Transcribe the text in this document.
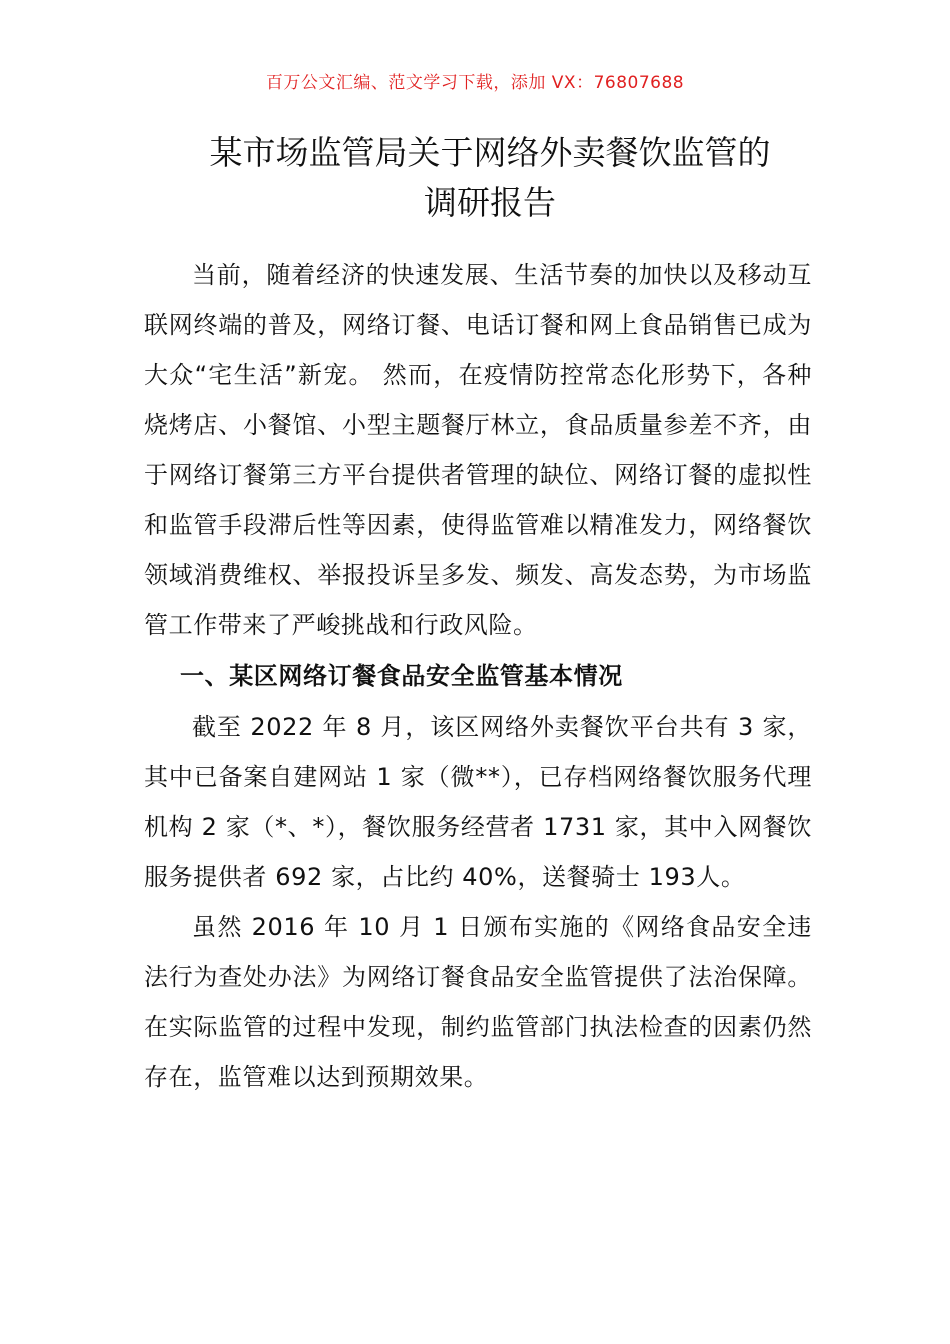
百万公文汇编、范文学习下载，添加 VX：76807688
某市场监管局关于网络外卖餐饮监管的
调研报告

当前，随着经济的快速发展、生活节奏的加快以及移动互联网终端的普及，网络订餐、电话订餐和网上食品销售已成为大众“宅生活”新宠。 然而，在疫情防控常态化形势下，各种烧烤店、小餐馆、小型主题餐厅林立，食品质量参差不齐，由于网络订餐第三方平台提供者管理的缺位、网络订餐的虚拟性和监管手段滞后性等因素，使得监管难以精准发力，网络餐饮领域消费维权、举报投诉呈多发、频发、高发态势，为市场监管工作带来了严峻挑战和行政风险。

一、某区网络订餐食品安全监管基本情况

截至 2022 年 8 月，该区网络外卖餐饮平台共有 3 家，其中已备案自建网站 1 家（微**），已存档网络餐饮服务代理机构 2 家（*、*），餐饮服务经营者 1731 家，其中入网餐饮服务提供者 692 家，占比约 40%，送餐骑士 193人。

虽然 2016 年 10 月 1 日颁布实施的《网络食品安全违法行为查处办法》为网络订餐食品安全监管提供了法治保障。在实际监管的过程中发现，制约监管部门执法检查的因素仍然存在，监管难以达到预期效果。
